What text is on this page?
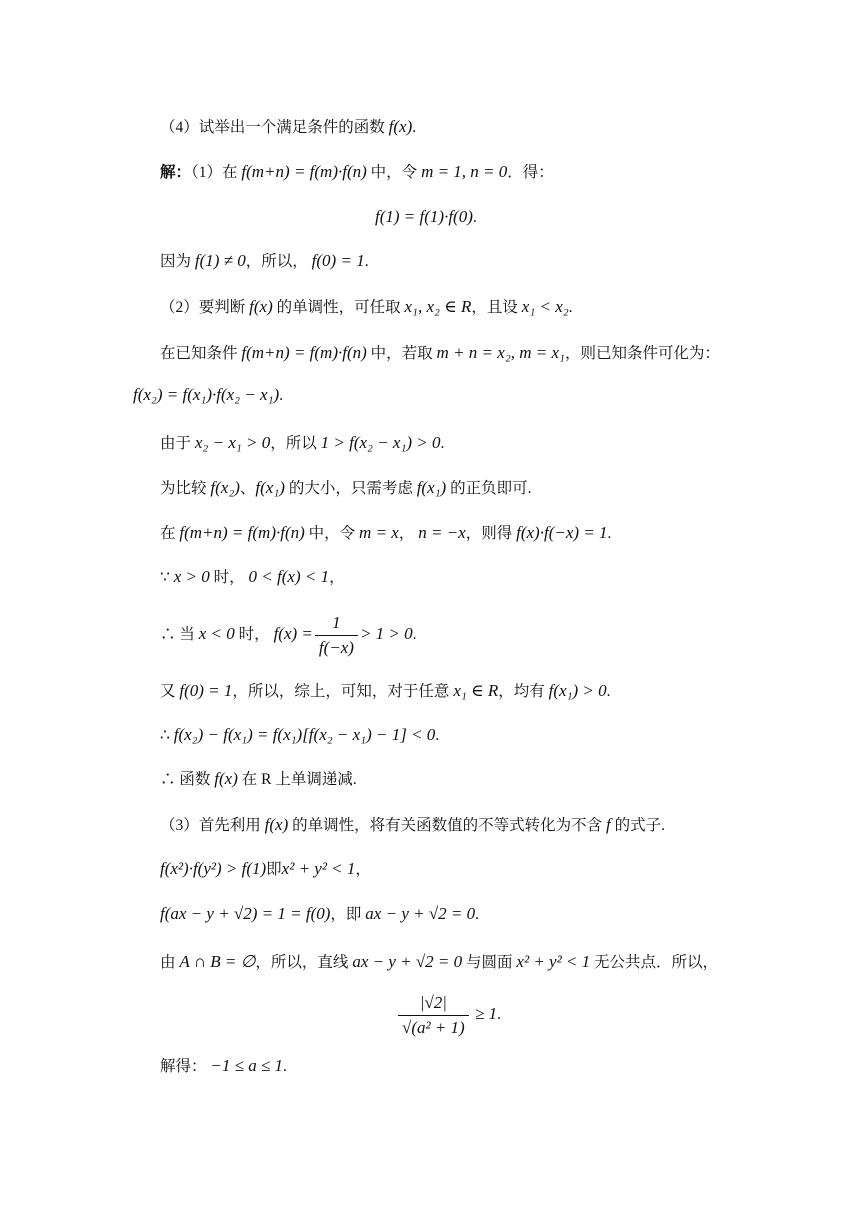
（4）试举出一个满足条件的函数 f(x).
解：（1）在 f(m+n) = f(m)·f(n) 中，令 m = 1, n = 0．得：
f(1) = f(1)·f(0).
因为 f(1) ≠ 0，所以， f(0) = 1.
（2）要判断 f(x) 的单调性，可任取 x₁, x₂ ∈ R，且设 x₁ < x₂.
在已知条件 f(m+n) = f(m)·f(n) 中，若取 m + n = x₂, m = x₁，则已知条件可化为：
f(x₂) = f(x₁)·f(x₂ − x₁).
由于 x₂ − x₁ > 0，所以 1 > f(x₂ − x₁) > 0.
为比较 f(x₂)、f(x₁) 的大小，只需考虑 f(x₁) 的正负即可.
在 f(m+n) = f(m)·f(n) 中，令 m = x， n = −x，则得 f(x)·f(−x) = 1.
∵ x > 0 时， 0 < f(x) < 1，
∴ 当 x < 0 时， $f(x) = \frac{1}{f(-x)} > 1 > 0$.
又 f(0) = 1，所以，综上，可知，对于任意 x₁ ∈ R，均有 f(x₁) > 0.
∴ f(x₂) − f(x₁) = f(x₁)[f(x₂ − x₁) − 1] < 0.
∴ 函数 f(x) 在 R 上单调递减.
（3）首先利用 f(x) 的单调性，将有关函数值的不等式转化为不含 f 的式子.
f(x²)·f(y²) > f(1)即x² + y² < 1，
f(ax − y + √2) = 1 = f(0)，即 ax − y + √2 = 0.
由 A ∩ B = ∅，所以，直线 ax − y + √2 = 0 与圆面 x² + y² < 1 无公共点．所以，
$\frac{|√2|}{\text{√(a² + 1)}} \ge 1$.
解得： −1 ≤ a ≤ 1.
